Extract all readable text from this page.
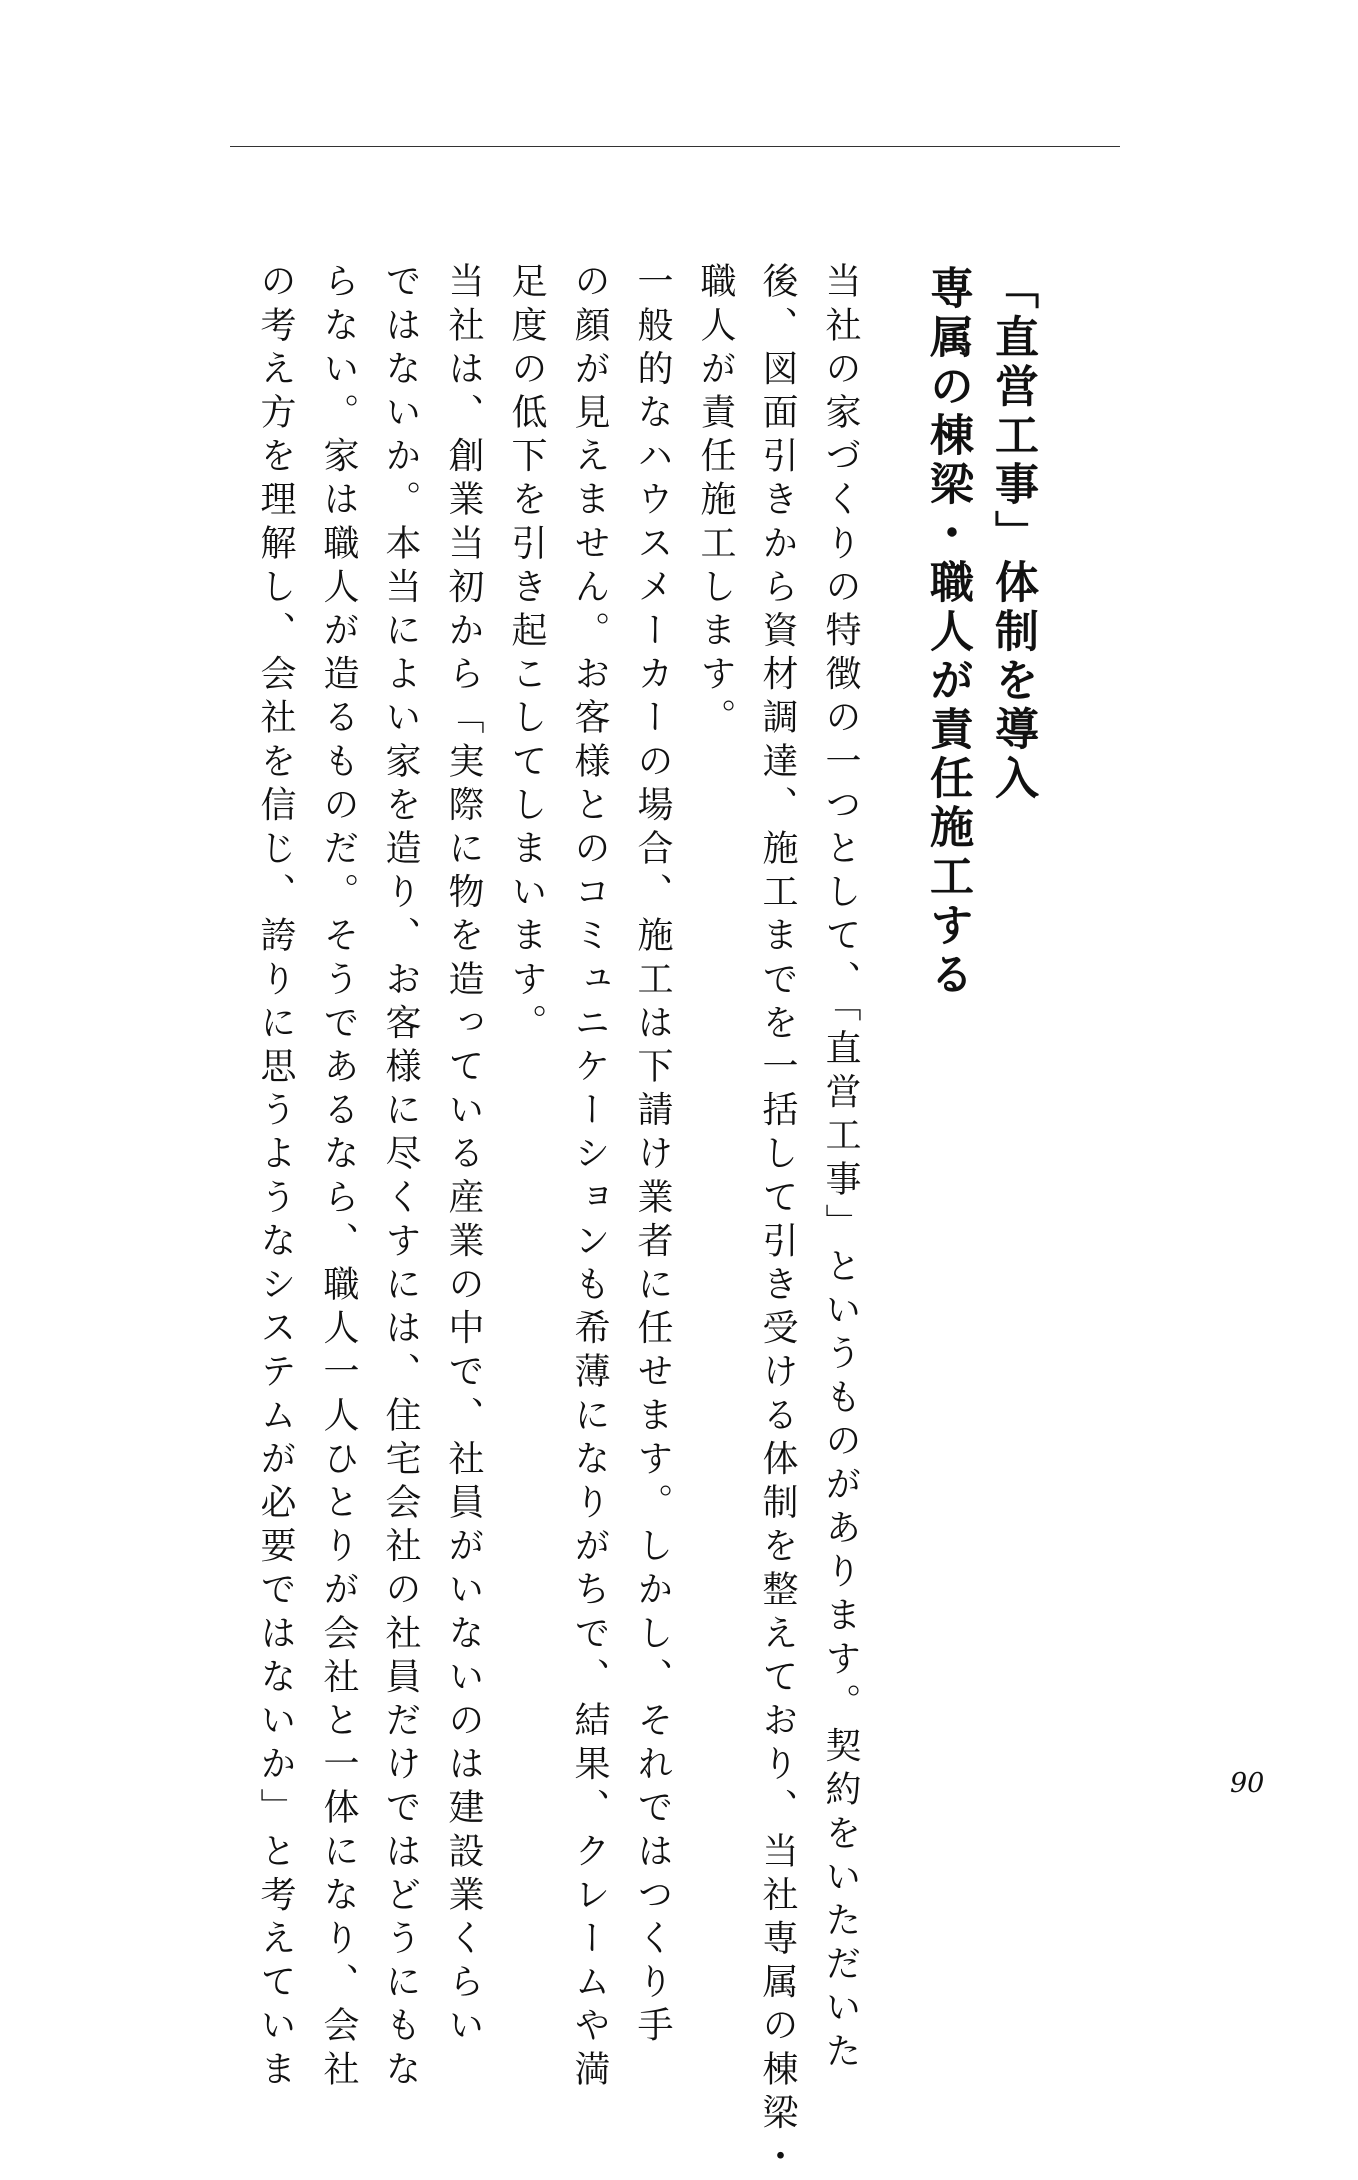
「直営工事」体制を導入
専属の棟梁・職人が責任施工する

当社の家づくりの特徴の一つとして、「直営工事」というものがあります。契約をいただいた

後、図面引きから資材調達、施工までを一括して引き受ける体制を整えており、当社専属の棟梁・

職人が責任施工します。

一般的なハウスメーカーの場合、施工は下請け業者に任せます。しかし、それではつくり手

の顔が見えません。お客様とのコミュニケーションも希薄になりがちで、結果、クレームや満

足度の低下を引き起こしてしまいます。

当社は、創業当初から「実際に物を造っている産業の中で、社員がいないのは建設業くらい

ではないか。本当によい家を造り、お客様に尽くすには、住宅会社の社員だけではどうにもな

らない。家は職人が造るものだ。そうであるなら、職人一人ひとりが会社と一体になり、会社

の考え方を理解し、会社を信じ、誇りに思うようなシステムが必要ではないか」と考えていま	90
